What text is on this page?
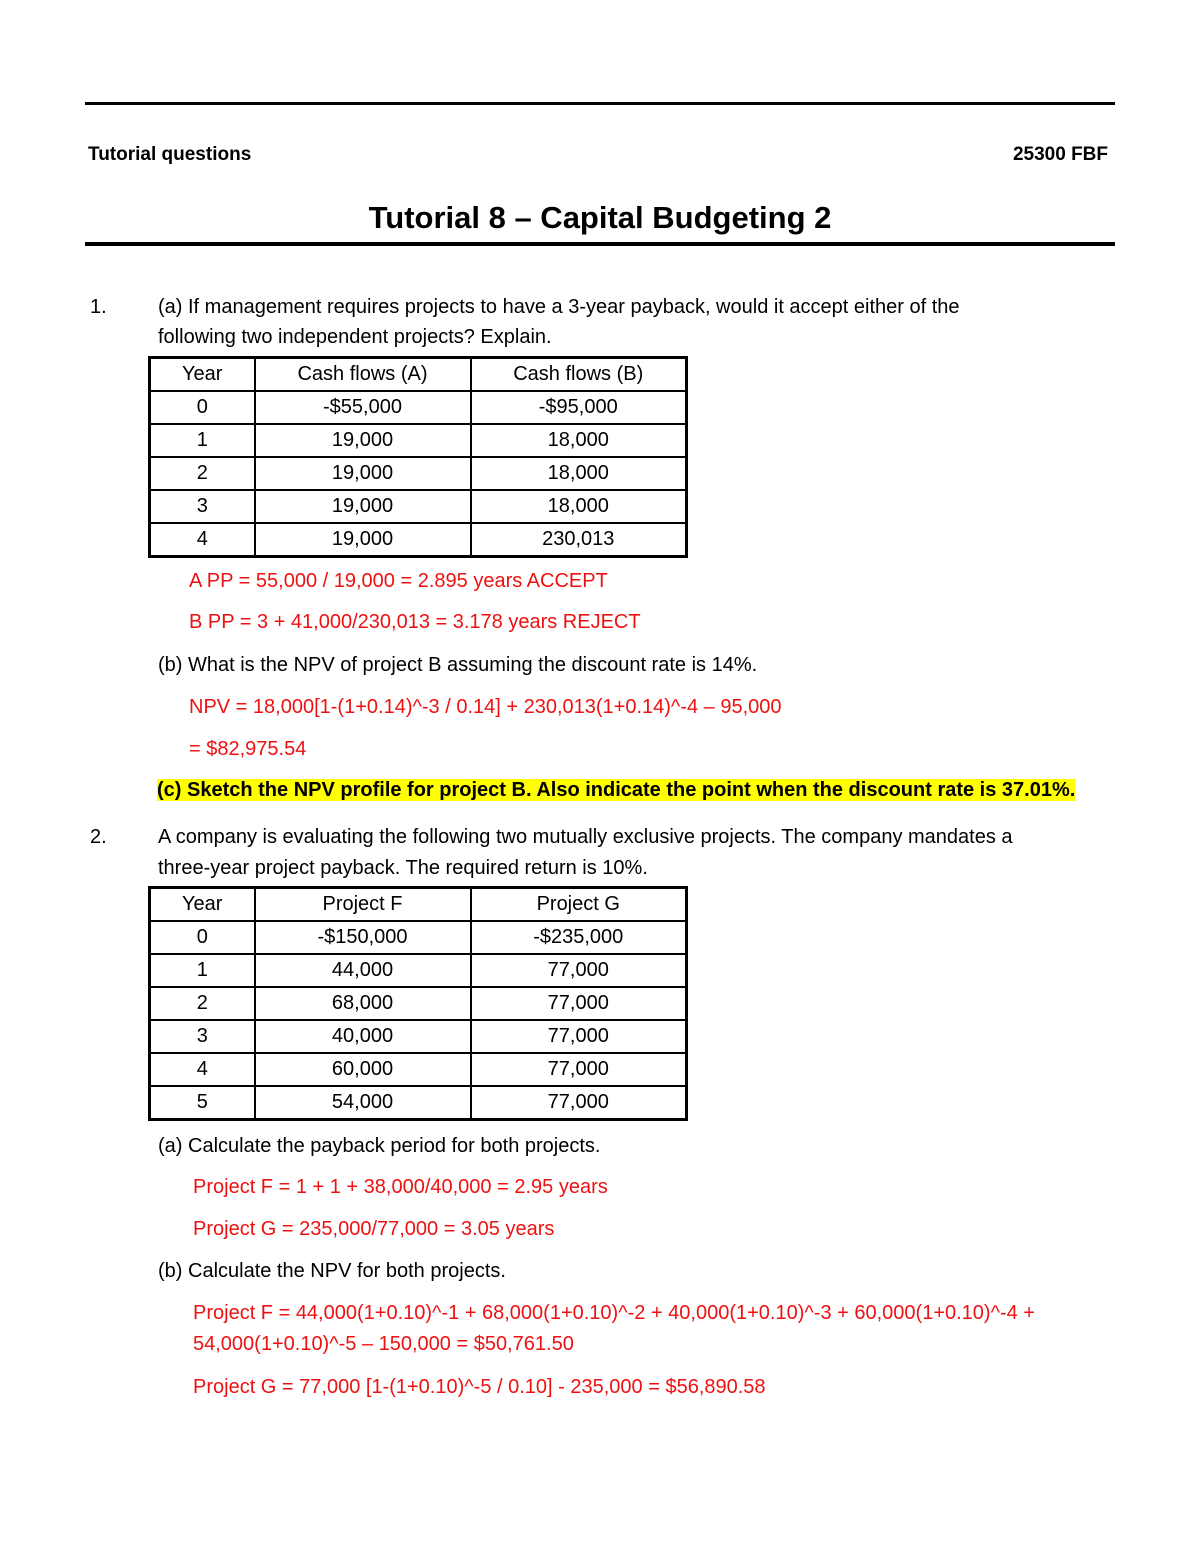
Tutorial questions	25300 FBF
Tutorial 8 – Capital Budgeting 2
1.	(a) If management requires projects to have a 3-year payback, would it accept either of the
following two independent projects? Explain.
Year	Cash flows (A)	Cash flows (B)
0	-$55,000	-$95,000
1	19,000	18,000
2	19,000	18,000
3	19,000	18,000
4	19,000	230,013
A PP = 55,000 / 19,000 = 2.895 years ACCEPT
B PP = 3 + 41,000/230,013 = 3.178 years REJECT
(b) What is the NPV of project B assuming the discount rate is 14%.
NPV = 18,000[1-(1+0.14)^-3 / 0.14] + 230,013(1+0.14)^-4 – 95,000
= $82,975.54
(c) Sketch the NPV profile for project B. Also indicate the point when the discount rate is 37.01%.
2.	A company is evaluating the following two mutually exclusive projects. The company mandates a
three-year project payback. The required return is 10%.
Year	Project F	Project G
0	-$150,000	-$235,000
1	44,000	77,000
2	68,000	77,000
3	40,000	77,000
4	60,000	77,000
5	54,000	77,000
(a) Calculate the payback period for both projects.
Project F = 1 + 1 + 38,000/40,000 = 2.95 years
Project G = 235,000/77,000 = 3.05 years
(b) Calculate the NPV for both projects.
Project F = 44,000(1+0.10)^-1 + 68,000(1+0.10)^-2 + 40,000(1+0.10)^-3 + 60,000(1+0.10)^-4 +
54,000(1+0.10)^-5 – 150,000 = $50,761.50
Project G = 77,000 [1-(1+0.10)^-5 / 0.10] - 235,000 = $56,890.58
